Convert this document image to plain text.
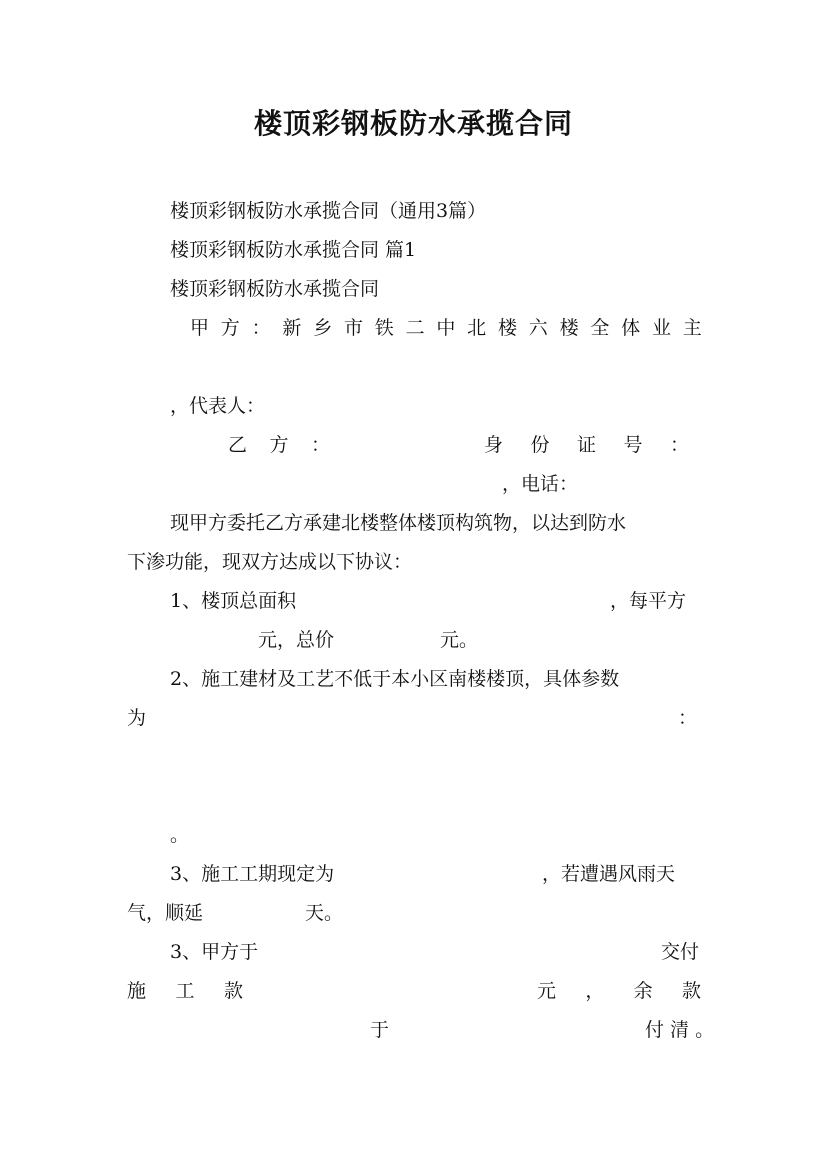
楼顶彩钢板防水承揽合同
楼顶彩钢板防水承揽合同（通用3篇）
楼顶彩钢板防水承揽合同 篇1
楼顶彩钢板防水承揽合同
甲 方 ： 新 乡 市 铁 二 中 北 楼 六 楼 全 体 业 主
，代表人：
乙 方 ：	身 份 证 号 ：
，电话：
现甲方委托乙方承建北楼整体楼顶构筑物，以达到防水
下渗功能，现双方达成以下协议：
1、楼顶总面积	，每平方
元，总价	元。
2、施工建材及工艺不低于本小区南楼楼顶，具体参数
为	：
。
3、施工工期现定为	，若遭遇风雨天
气，顺延	天。
3、甲方于	交付
施 工 款	元 ， 余 款
于	付 清 。
